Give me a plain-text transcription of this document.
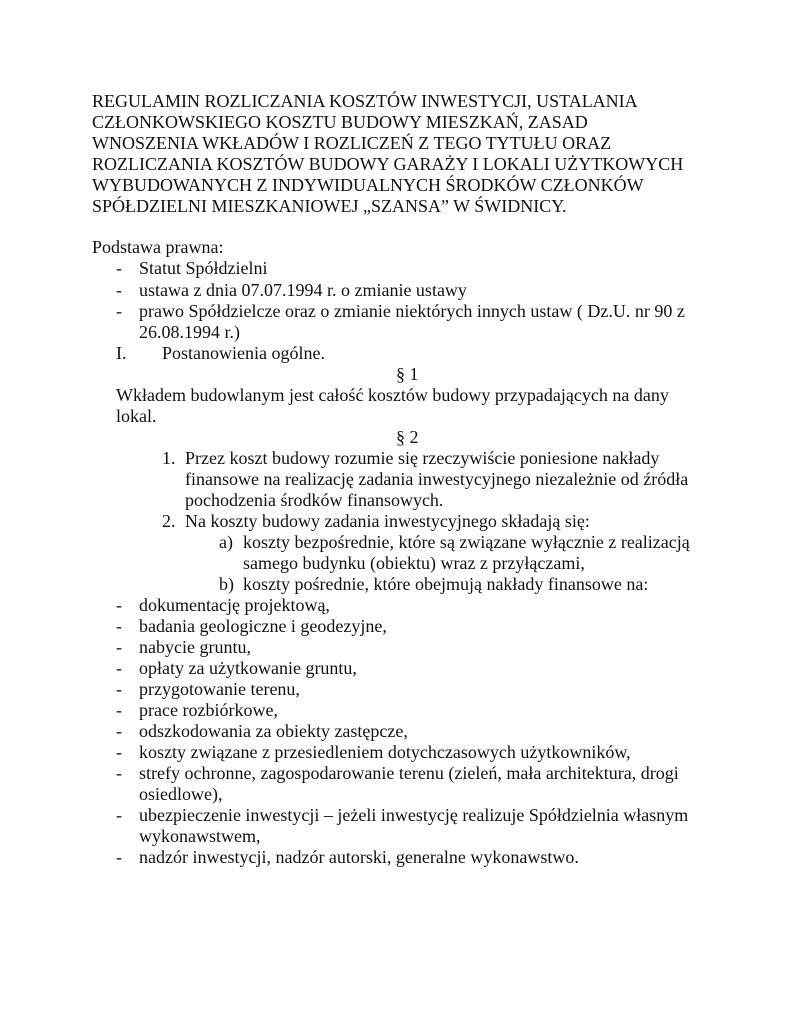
REGULAMIN ROZLICZANIA KOSZTÓW INWESTYCJI, USTALANIA
CZŁONKOWSKIEGO KOSZTU BUDOWY MIESZKAŃ, ZASAD
WNOSZENIA WKŁADÓW I ROZLICZEŃ Z TEGO TYTUŁU ORAZ
ROZLICZANIA KOSZTÓW BUDOWY GARAŻY I LOKALI UŻYTKOWYCH
WYBUDOWANYCH Z INDYWIDUALNYCH ŚRODKÓW CZŁONKÓW
SPÓŁDZIELNI MIESZKANIOWEJ „SZANSA” W ŚWIDNICY.
Podstawa prawna:
- Statut Spółdzielni
- ustawa z dnia 07.07.1994 r. o zmianie ustawy
- prawo Spółdzielcze oraz o zmianie niektórych innych ustaw ( Dz.U. nr 90 z
26.08.1994 r.)
I. Postanowienia ogólne.
§ 1
Wkładem budowlanym jest całość kosztów budowy przypadających na dany
lokal.
§ 2
1. Przez koszt budowy rozumie się rzeczywiście poniesione nakłady
finansowe na realizację zadania inwestycyjnego niezależnie od źródła
pochodzenia środków finansowych.
2. Na koszty budowy zadania inwestycyjnego składają się:
a) koszty bezpośrednie, które są związane wyłącznie z realizacją
samego budynku (obiektu) wraz z przyłączami,
b) koszty pośrednie, które obejmują nakłady finansowe na:
- dokumentację projektową,
- badania geologiczne i geodezyjne,
- nabycie gruntu,
- opłaty za użytkowanie gruntu,
- przygotowanie terenu,
- prace rozbiórkowe,
- odszkodowania za obiekty zastępcze,
- koszty związane z przesiedleniem dotychczasowych użytkowników,
- strefy ochronne, zagospodarowanie terenu (zieleń, mała architektura, drogi
osiedlowe),
- ubezpieczenie inwestycji – jeżeli inwestycję realizuje Spółdzielnia własnym
wykonawstwem,
- nadzór inwestycji, nadzór autorski, generalne wykonawstwo.
